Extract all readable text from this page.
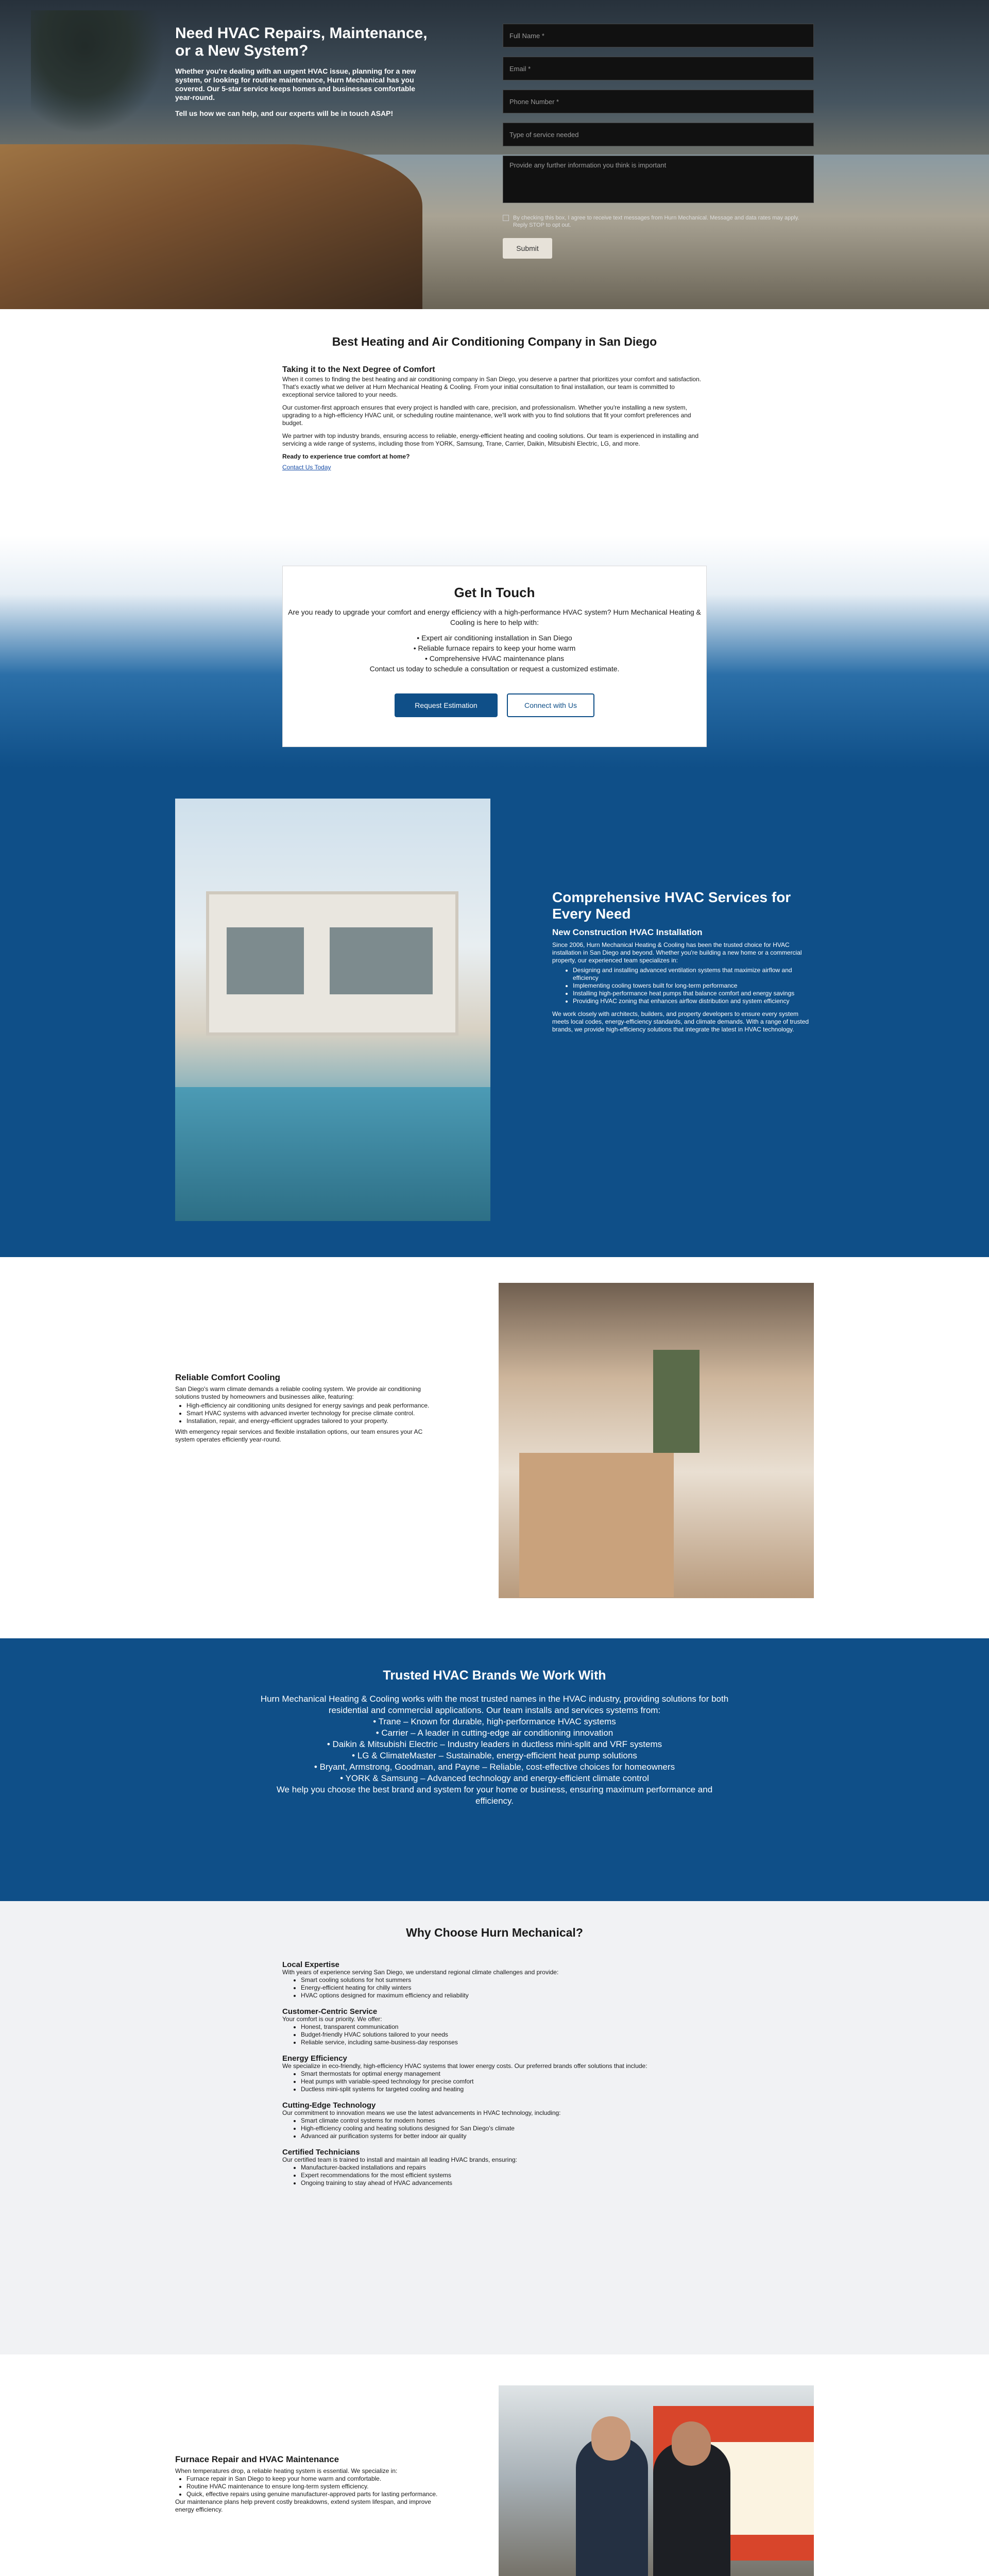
Need HVAC Repairs, Maintenance, or a New System?

Whether you're dealing with an urgent HVAC issue, planning for a new system, or looking for routine maintenance, Hurn Mechanical has you covered. Our 5-star service keeps homes and businesses comfortable year-round.

Tell us how we can help, and our experts will be in touch ASAP!

Full Name *
Email *
Phone Number *
Type of service needed
Provide any further information you think is important
By checking this box, I agree to receive text messages from Hurn Mechanical. Message and data rates may apply. Reply STOP to opt out.
Submit
Best Heating and Air Conditioning Company in San Diego
Taking it to the Next Degree of Comfort

When it comes to finding the best heating and air conditioning company in San Diego, you deserve a partner that prioritizes your comfort and satisfaction. That's exactly what we deliver at Hurn Mechanical Heating & Cooling. From your initial consultation to final installation, our team is committed to exceptional service tailored to your needs.

Our customer-first approach ensures that every project is handled with care, precision, and professionalism. Whether you're installing a new system, upgrading to a high-efficiency HVAC unit, or scheduling routine maintenance, we'll work with you to find solutions that fit your comfort preferences and budget.

We partner with top industry brands, ensuring access to reliable, energy-efficient heating and cooling solutions. Our team is experienced in installing and servicing a wide range of systems, including those from YORK, Samsung, Trane, Carrier, Daikin, Mitsubishi Electric, LG, and more.

Ready to experience true comfort at home?

Contact Us Today
Get In Touch

Are you ready to upgrade your comfort and energy efficiency with a high-performance HVAC system? Hurn Mechanical Heating & Cooling is here to help with:

• Expert air conditioning installation in San Diego
• Reliable furnace repairs to keep your home warm
• Comprehensive HVAC maintenance plans

Contact us today to schedule a consultation or request a customized estimate.

Request Estimation	Connect with Us
Comprehensive HVAC Services for Every Need
New Construction HVAC Installation

Since 2006, Hurn Mechanical Heating & Cooling has been the trusted choice for HVAC installation in San Diego and beyond. Whether you're building a new home or a commercial property, our experienced team specializes in:

• Designing and installing advanced ventilation systems that maximize airflow and efficiency
• Implementing cooling towers built for long-term performance
• Installing high-performance heat pumps that balance comfort and energy savings
• Providing HVAC zoning that enhances airflow distribution and system efficiency

We work closely with architects, builders, and property developers to ensure every system meets local codes, energy-efficiency standards, and climate demands. With a range of trusted brands, we provide high-efficiency solutions that integrate the latest in HVAC technology.

Reliable Comfort Cooling

San Diego's warm climate demands a reliable cooling system. We provide air conditioning solutions trusted by homeowners and businesses alike, featuring:

• High-efficiency air conditioning units designed for energy savings and peak performance.
• Smart HVAC systems with advanced inverter technology for precise climate control.
• Installation, repair, and energy-efficient upgrades tailored to your property.

With emergency repair services and flexible installation options, our team ensures your AC system operates efficiently year-round.

Trusted HVAC Brands We Work With

Hurn Mechanical Heating & Cooling works with the most trusted names in the HVAC industry, providing solutions for both residential and commercial applications. Our team installs and services systems from:

• Trane – Known for durable, high-performance HVAC systems
• Carrier – A leader in cutting-edge air conditioning innovation
• Daikin & Mitsubishi Electric – Industry leaders in ductless mini-split and VRF systems
• LG & ClimateMaster – Sustainable, energy-efficient heat pump solutions
• Bryant, Armstrong, Goodman, and Payne – Reliable, cost-effective choices for homeowners
• YORK & Samsung – Advanced technology and energy-efficient climate control

We help you choose the best brand and system for your home or business, ensuring maximum performance and efficiency.

Why Choose Hurn Mechanical?
Local Expertise

With years of experience serving San Diego, we understand regional climate challenges and provide:

• Smart cooling solutions for hot summers
• Energy-efficient heating for chilly winters
• HVAC options designed for maximum efficiency and reliability
Customer-Centric Service

Your comfort is our priority. We offer:

• Honest, transparent communication
• Budget-friendly HVAC solutions tailored to your needs
• Reliable service, including same-business-day responses
Energy Efficiency

We specialize in eco-friendly, high-efficiency HVAC systems that lower energy costs. Our preferred brands offer solutions that include:

• Smart thermostats for optimal energy management
• Heat pumps with variable-speed technology for precise comfort
• Ductless mini-split systems for targeted cooling and heating
Cutting-Edge Technology

Our commitment to innovation means we use the latest advancements in HVAC technology, including:

• Smart climate control systems for modern homes
• High-efficiency cooling and heating solutions designed for San Diego's climate
• Advanced air purification systems for better indoor air quality
Certified Technicians

Our certified team is trained to install and maintain all leading HVAC brands, ensuring:

• Manufacturer-backed installations and repairs
• Expert recommendations for the most efficient systems
• Ongoing training to stay ahead of HVAC advancements
Furnace Repair and HVAC Maintenance

When temperatures drop, a reliable heating system is essential. We specialize in:

• Furnace repair in San Diego to keep your home warm and comfortable.
• Routine HVAC maintenance to ensure long-term system efficiency.
• Quick, effective repairs using genuine manufacturer-approved parts for lasting performance.

Our maintenance plans help prevent costly breakdowns, extend system lifespan, and improve energy efficiency.
